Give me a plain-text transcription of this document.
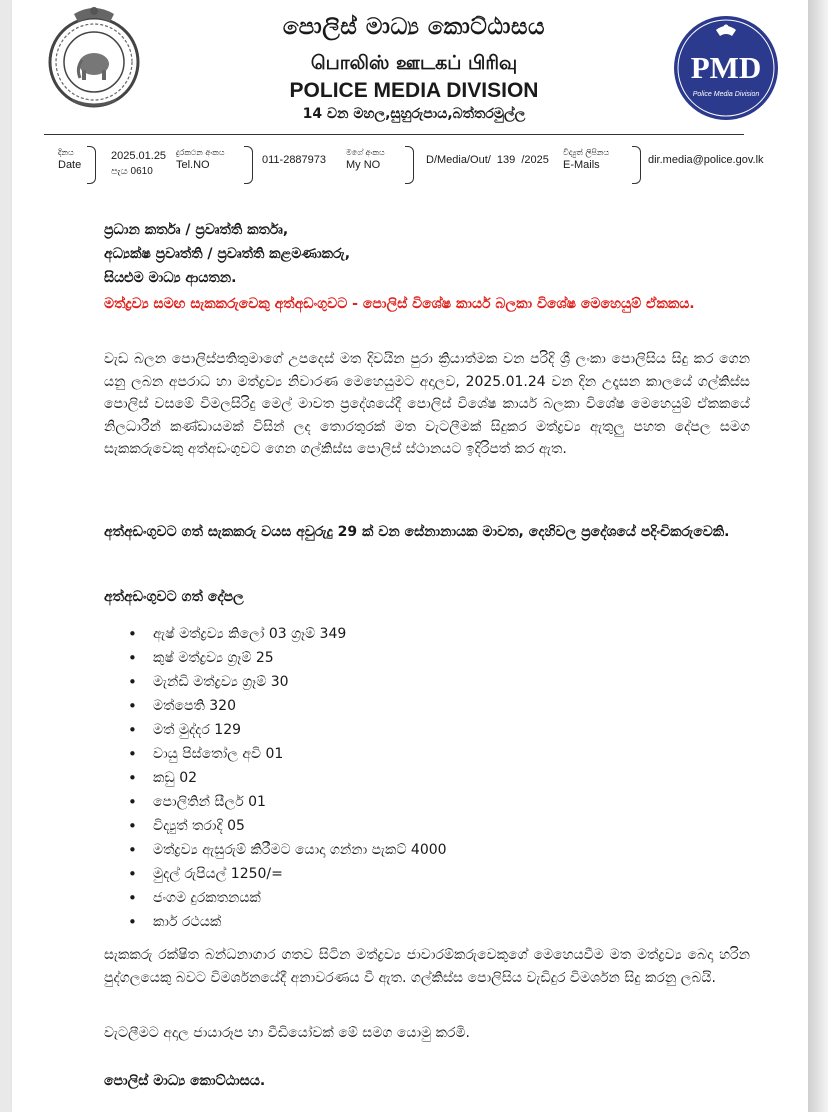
PMD
Police Media Division
පොලිස් මාධ්‍ය කොට්ඨාසය
பொலிஸ் ஊடகப் பிரிவு
POLICE MEDIA DIVISION
14 වන මහල,සුහුරුපාය,බත්තරමුල්ල
දිනය
Date
2025.01.25
පැය 0610
දුරකථන අංකය
Tel.NO	011-2887973
මගේ අංකය
My NO	D/Media/Out/  139  /2025
විද්‍යුත් ලිපිනය
E-Mails	dir.media@police.gov.lk
ප්‍රධාන කර්තෘ / ප්‍රවෘත්ති කර්තෘ,
අධ්‍යක්ෂ ප්‍රවෘත්ති / ප්‍රවෘත්ති කළමණාකරු,
සියළුම මාධ්‍ය ආයතන.
මත්ද්‍රව්‍ය සමඟ සැකකරුවෙකු අත්අඩංගුවට - පොලිස් විශේෂ කාර්ය බලකා විශේෂ මෙහෙයුම් ඒකකය.
වැඩ බලන පොලිස්පතිතුමාගේ උපදෙස් මත දිවයින පුරා ක්‍රියාත්මක වන පරිදි ශ්‍රී ලංකා පොලිසිය සිදු කර ගෙන යනු ලබන අපරාධ හා මත්ද්‍රව්‍ය නිවාරණ මෙහෙයුමට අදාලව, 2025.01.24 වන දින උදෑසන කාලයේ ගල්කිස්ස පොලිස් වසමේ විමලසිරිදු මෙල් මාවත ප්‍රදේශයේදී පොලිස් විශේෂ කාර්ය බලකා විශේෂ මෙහෙයුම් ඒකකයේ නිලධාරීන් කණ්ඩායමක් විසින් ලද තොරතුරක් මත වැටලීමක් සිදුකර මත්ද්‍රව්‍ය ඇතුලු පහත දේපල සමග සැකකරුවෙකු අත්අඩංගුවට ගෙන ගල්කිස්ස පොලිස් ස්ථානයට ඉදිරිපත් කර ඇත.
අත්අඩංගුවට ගත් සැකකරු වයස අවුරුදු 29 ක් වන සේනානායක මාවත, දෙහිවල ප්‍රදේශයේ පදිංචිකරුවෙකි.
අත්අඩංගුවට ගත් දේපල
• ඇෂ් මත්ද්‍රව්‍ය කිලෝ 03 ග්‍රෑම් 349
• කුෂ් මත්ද්‍රව්‍ය ග්‍රෑම් 25
• මැන්ඩි මත්ද්‍රව්‍ය ග්‍රෑම් 30
• මත්පෙති 320
• මත් මුද්දර 129
• වායු පිස්තෝල අවි 01
• කඩු 02
• පොලිතින් සීලර් 01
• විද්‍යුත් තරාදි 05
• මත්ද්‍රව්‍ය ඇසුරුම් කිරීමට යොදා ගන්නා පැකට් 4000
• මුදල් රුපියල් 1250/=
• ජංගම දුරකතනයක්
• කාර් රථයක්
සැකකරු රක්ෂිත බන්ධනාගාර ගතව සිටින මත්ද්‍රව්‍ය ජාවාරම්කරුවෙකුගේ මෙහෙයවීම මත මත්ද්‍රව්‍ය බෙදා හරින පුද්ගලයෙකු බවට විමර්ශනයේදී අනාවරණය වී ඇත. ගල්කිස්ස පොලිසිය වැඩිදුර විමර්ශන සිදු කරනු ලබයි.
වැටලීමට අදාල ජායාරූප හා වීඩියෝවක් මේ සමග යොමු කරමි.
පොලිස් මාධ්‍ය කොට්ඨාසය.
